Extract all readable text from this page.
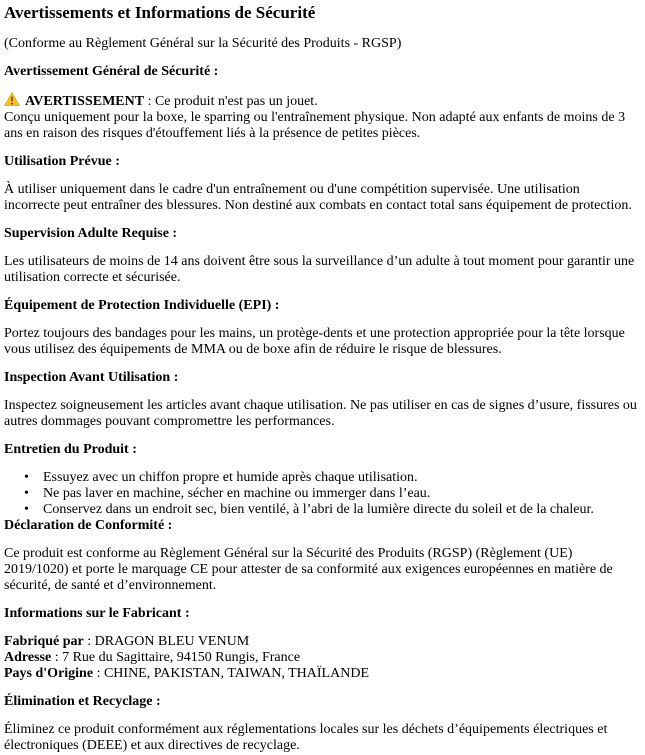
Avertissements et Informations de Sécurité

(Conforme au Règlement Général sur la Sécurité des Produits - RGSP)

Avertissement Général de Sécurité :

AVERTISSEMENT : Ce produit n'est pas un jouet.
Conçu uniquement pour la boxe, le sparring ou l'entraînement physique. Non adapté aux enfants de moins de 3 ans en raison des risques d'étouffement liés à la présence de petites pièces.

Utilisation Prévue :

À utiliser uniquement dans le cadre d'un entraînement ou d'une compétition supervisée. Une utilisation incorrecte peut entraîner des blessures. Non destiné aux combats en contact total sans équipement de protection.

Supervision Adulte Requise :

Les utilisateurs de moins de 14 ans doivent être sous la surveillance d’un adulte à tout moment pour garantir une utilisation correcte et sécurisée.

Équipement de Protection Individuelle (EPI) :

Portez toujours des bandages pour les mains, un protège-dents et une protection appropriée pour la tête lorsque vous utilisez des équipements de MMA ou de boxe afin de réduire le risque de blessures.

Inspection Avant Utilisation :

Inspectez soigneusement les articles avant chaque utilisation. Ne pas utiliser en cas de signes d’usure, fissures ou autres dommages pouvant compromettre les performances.

Entretien du Produit :

• Essuyez avec un chiffon propre et humide après chaque utilisation.
• Ne pas laver en machine, sécher en machine ou immerger dans l’eau.
• Conservez dans un endroit sec, bien ventilé, à l’abri de la lumière directe du soleil et de la chaleur.

Déclaration de Conformité :

Ce produit est conforme au Règlement Général sur la Sécurité des Produits (RGSP) (Règlement (UE) 2019/1020) et porte le marquage CE pour attester de sa conformité aux exigences européennes en matière de sécurité, de santé et d’environnement.

Informations sur le Fabricant :

Fabriqué par : DRAGON BLEU VENUM
Adresse : 7 Rue du Sagittaire, 94150 Rungis, France
Pays d'Origine : CHINE, PAKISTAN, TAIWAN, THAÏLANDE

Élimination et Recyclage :

Éliminez ce produit conformément aux réglementations locales sur les déchets d’équipements électriques et électroniques (DEEE) et aux directives de recyclage.
